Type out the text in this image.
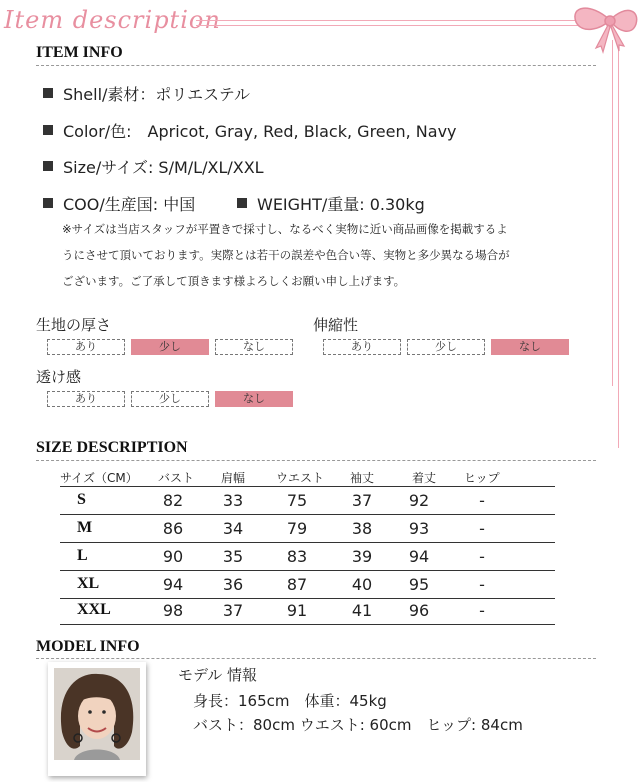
Item description
ITEM INFO
Shell/素材：ポリエステル
Color/色:　Apricot, Gray, Red, Black, Green, Navy
Size/サイズ: S/M/L/XL/XXL
COO/生産国: 中国	WEIGHT/重量: 0.30kg
※サイズは当店スタッフが平置きで採寸し、なるべく実物に近い商品画像を掲載するよ
うにさせて頂いております。実際とは若干の誤差や色合い等、実物と多少異なる場合が
ございます。ご了承して頂きます様よろしくお願い申し上げます。
生地の厚さ
あり	少し	なし
伸縮性
あり	少し	なし
透け感
あり	少し	なし
SIZE DESCRIPTION
サイズ（CM） バスト 肩幅	ウエスト 袖丈	着丈 ヒップ
S	82	33	75	37	92	-
M	86	34	79	38	93	-
L	90	35	83	39	94	-
XL	94	36	87	40	95	-
XXL	98	37	91	41	96	-
MODEL INFO
モデル 情報
身長：165cm　体重：45kg
バスト：80cm ウエスト: 60cm　ヒップ: 84cm
